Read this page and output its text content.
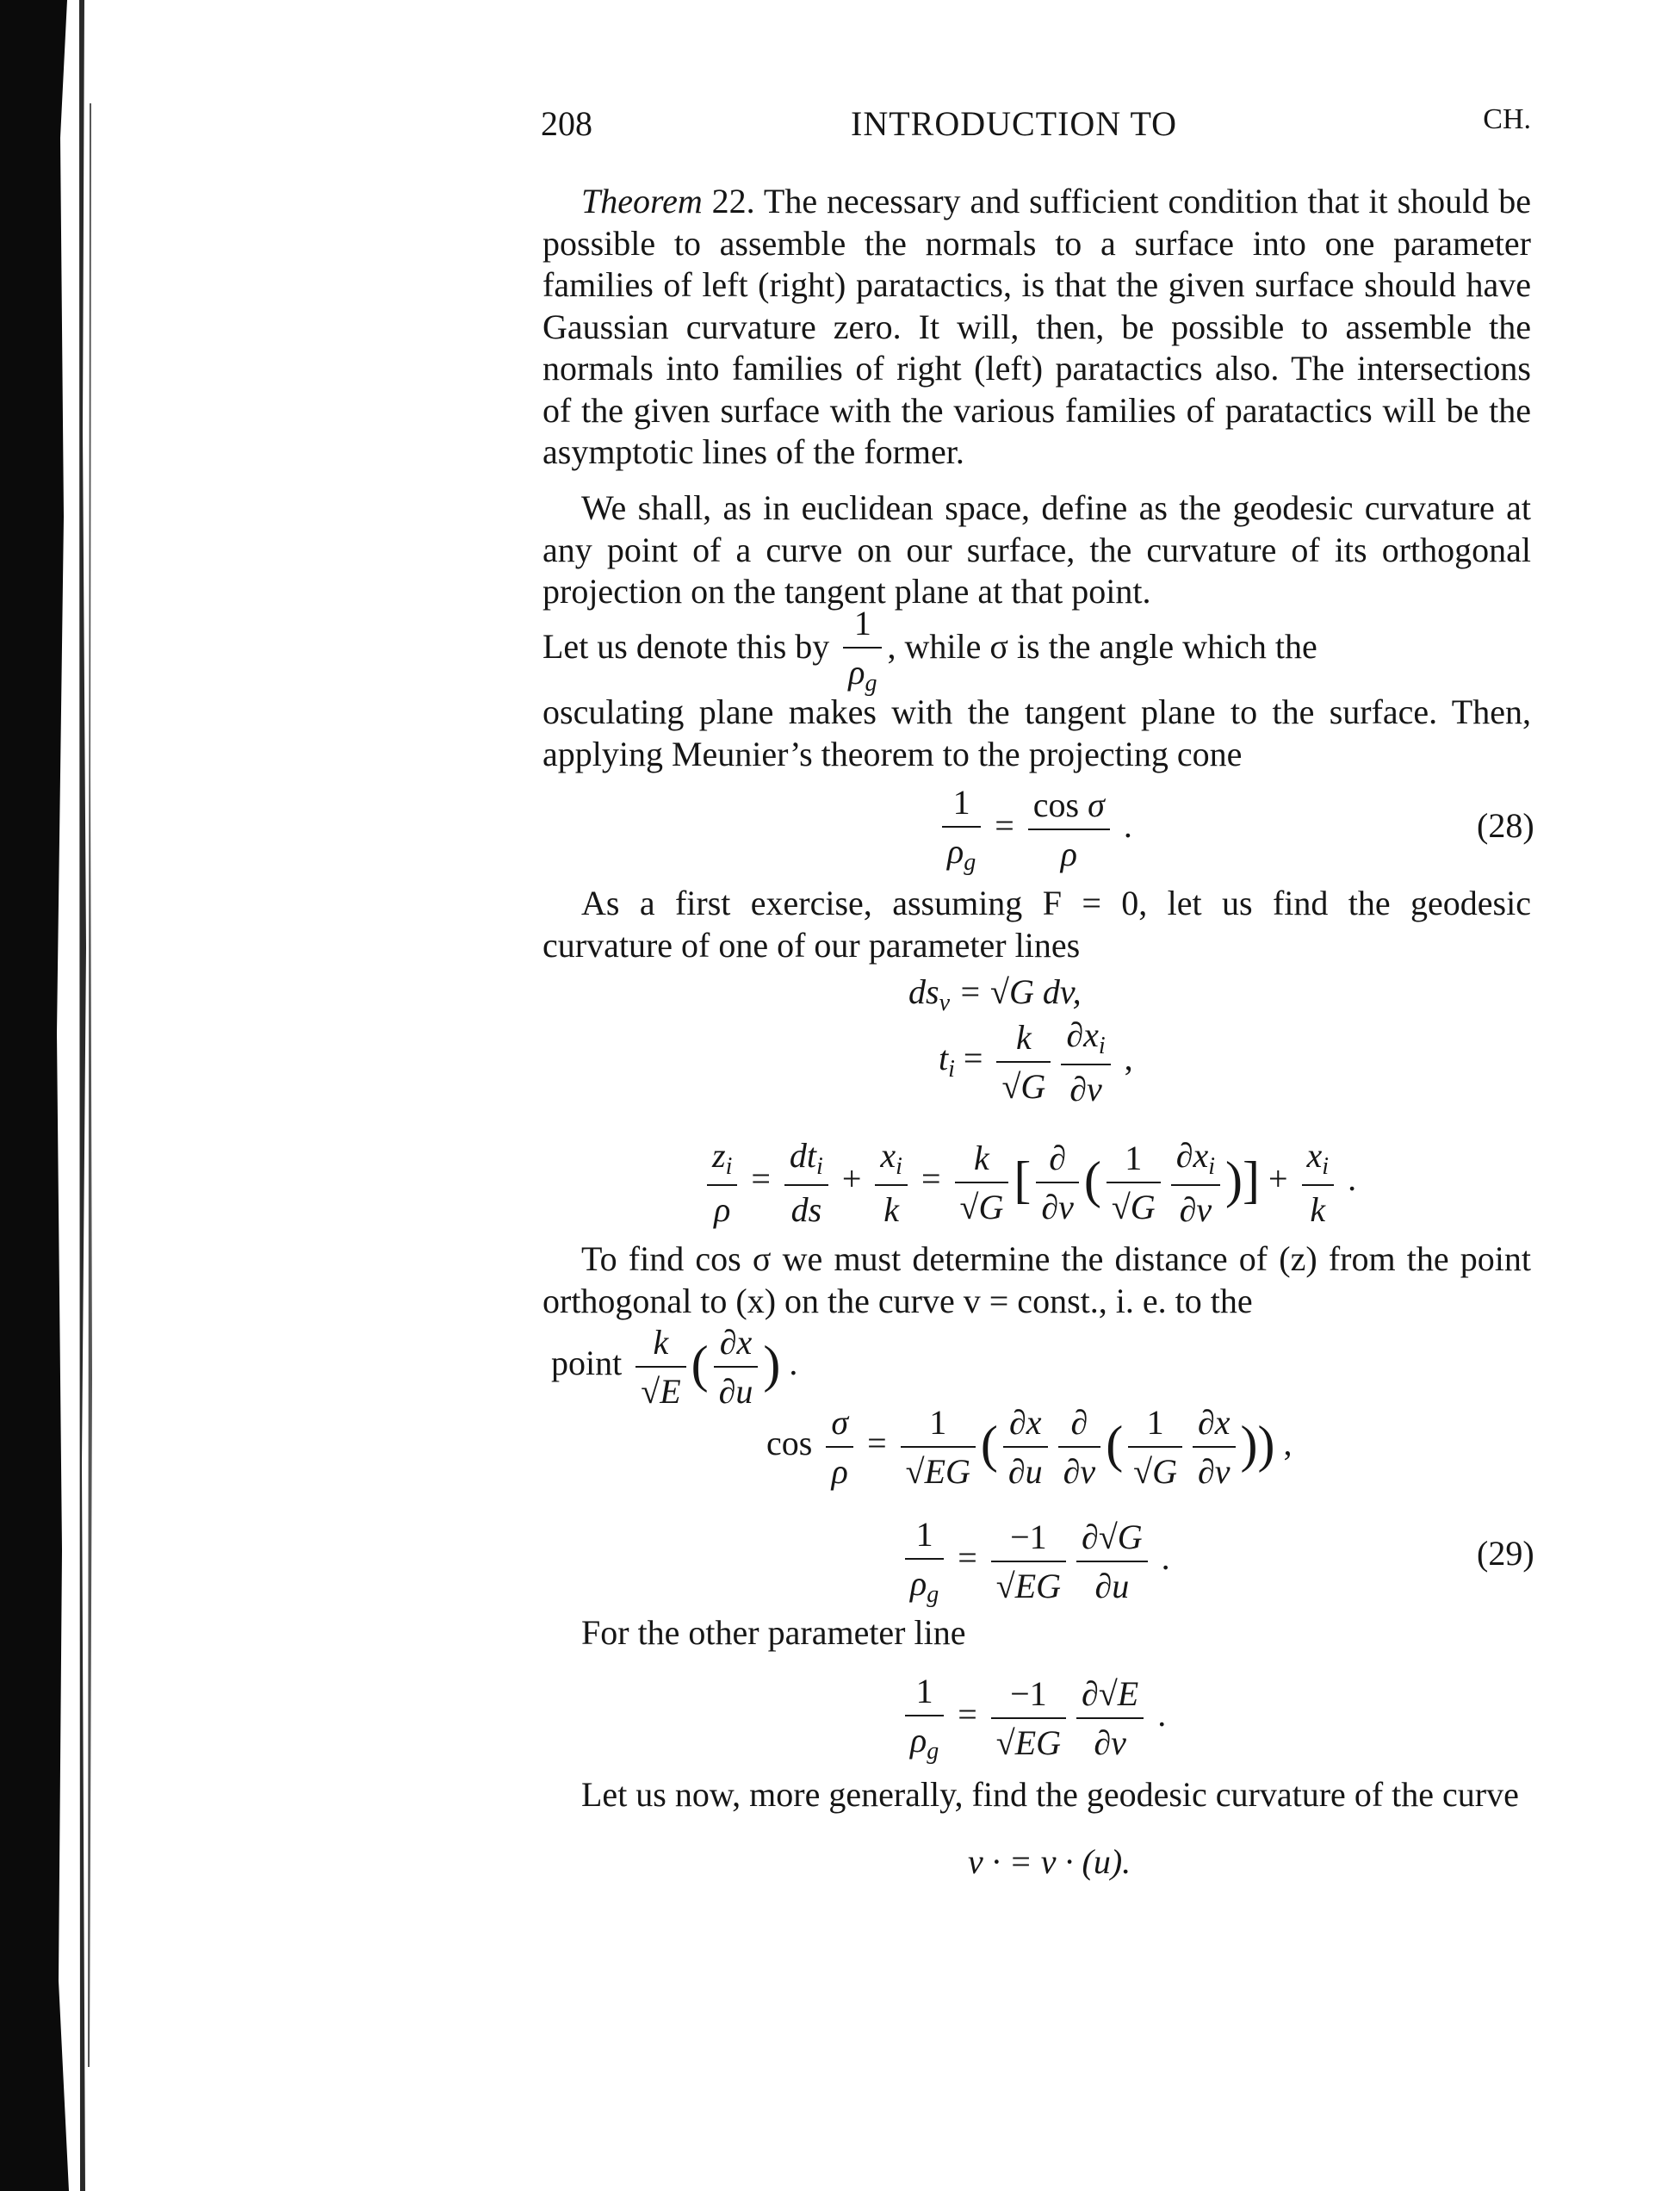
208	INTRODUCTION TO	CH.

Theorem 22. The necessary and sufficient condition that it should be possible to assemble the normals to a surface into one parameter families of left (right) paratactics, is that the given surface should have Gaussian curvature zero. It will, then, be possible to assemble the normals into families of right (left) paratactics also. The intersections of the given surface with the various families of paratactics will be the asymptotic lines of the former.

We shall, as in euclidean space, define as the geodesic curvature at any point of a curve on our surface, the curvature of its orthogonal projection on the tangent plane at that point.

Let us denote this by $\frac{1}{\rho_g}$ , while σ is the angle which the

osculating plane makes with the tangent plane to the surface. Then, applying Meunier’s theorem to the projecting cone

$\frac{1}{\rho_g} = \frac{\text{cos σ}}{\rho}$ .	(28)

As a first exercise, assuming F = 0, let us find the geodesic curvature of one of our parameter lines

$ds_v = √G$ dv,
$t_i = \frac{k}{√G} \frac{\partial x_i}{\partial v}$ ,
$\frac{z_i}{\rho} = \frac{dt_i}{ds} + \frac{x_i}{k} = \frac{k}{√G}$ [ $\frac{\partial}{\partial v}$ ( $\frac{1}{√G} \frac{\partial x_i}{\partial v}$ )] + $\frac{x_i}{k}$ .

To find cos σ we must determine the distance of (z) from the point orthogonal to (x) on the curve v = const., i. e. to the

point $\frac{k}{√E}$ ( $\frac{\partial x}{\partial u}$ ) .
$\cos \frac{\sigma}{\rho} = \frac{1}{√EG}$ ( $\frac{\partial x}{\partial u} \frac{\partial}{\partial v}$ ( $\frac{1}{√G} \frac{\partial x}{\partial v}$ )) ,
$\frac{1}{\rho_g} = \frac{-1}{√EG} \frac{\partial√G}{\partial u}$ .	(29)

For the other parameter line

$\frac{1}{\rho_g} = \frac{-1}{√EG} \frac{\partial√E}{\partial v}$ .

Let us now, more generally, find the geodesic curvature of the curve

v · = v · (u).
